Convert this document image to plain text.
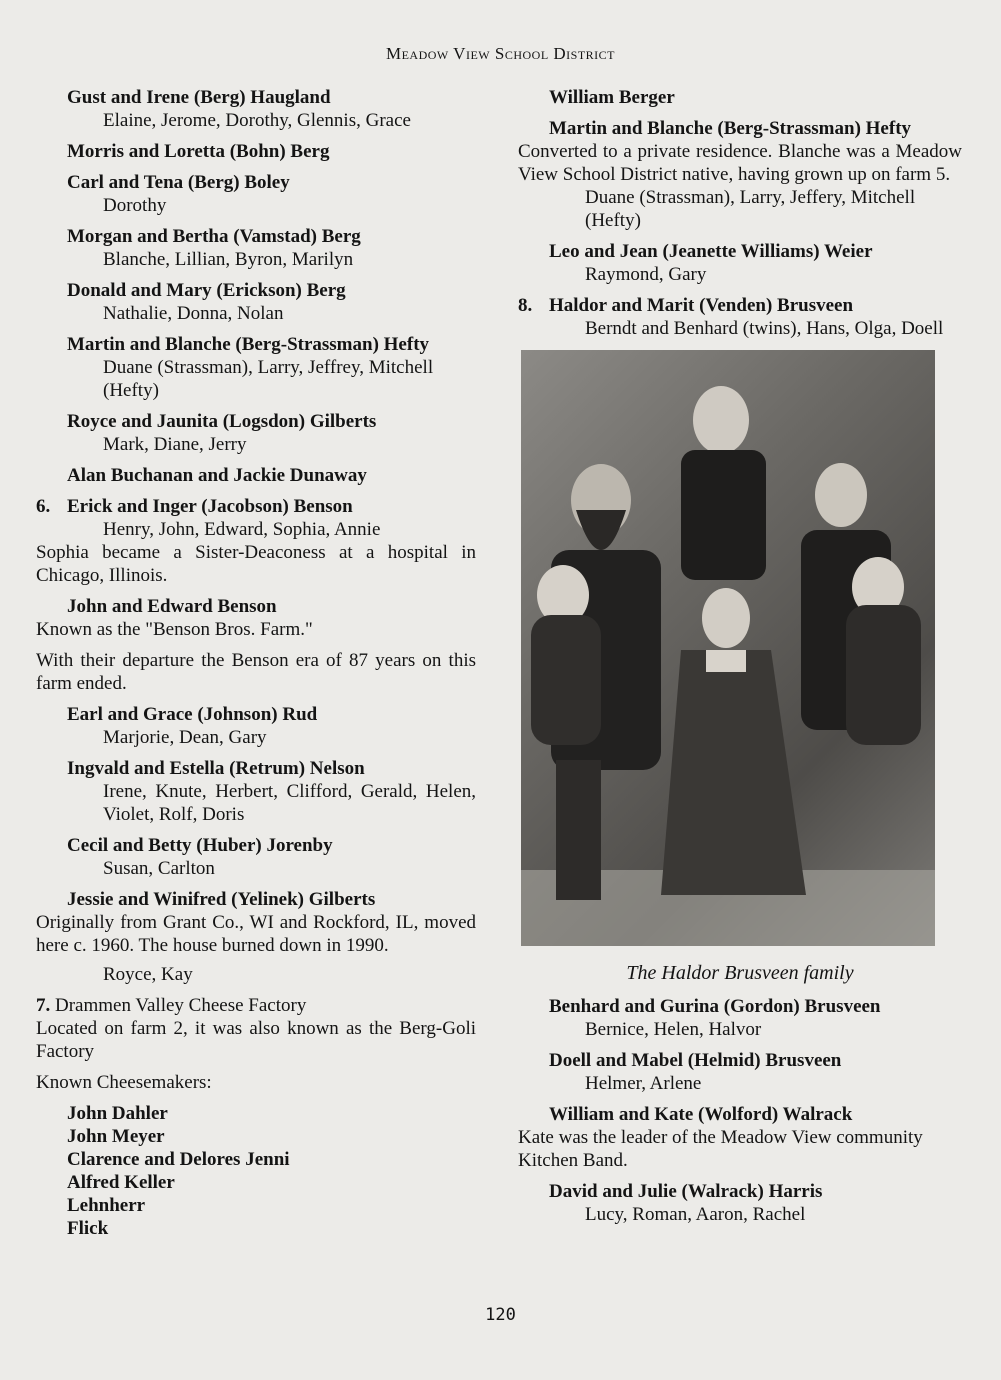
Meadow View School District
Gust and Irene (Berg) Haugland
Elaine, Jerome, Dorothy, Glennis, Grace
Morris and Loretta (Bohn) Berg
Carl and Tena (Berg) Boley
Dorothy
Morgan and Bertha (Vamstad) Berg
Blanche, Lillian, Byron, Marilyn
Donald and Mary (Erickson) Berg
Nathalie, Donna, Nolan
Martin and Blanche (Berg-Strassman) Hefty
Duane (Strassman), Larry, Jeffrey, Mitchell (Hefty)
Royce and Jaunita (Logsdon) Gilberts
Mark, Diane, Jerry
Alan Buchanan and Jackie Dunaway
6. Erick and Inger (Jacobson) Benson
Henry, John, Edward, Sophia, Annie
Sophia became a Sister-Deaconess at a hospital in Chicago, Illinois.
John and Edward Benson
Known as the "Benson Bros. Farm."
With their departure the Benson era of 87 years on this farm ended.
Earl and Grace (Johnson) Rud
Marjorie, Dean, Gary
Ingvald and Estella (Retrum) Nelson
Irene, Knute, Herbert, Clifford, Gerald, Helen, Violet, Rolf, Doris
Cecil and Betty (Huber) Jorenby
Susan, Carlton
Jessie and Winifred (Yelinek) Gilberts
Originally from Grant Co., WI and Rockford, IL, moved here c. 1960. The house burned down in 1990.
Royce, Kay
7. Drammen Valley Cheese Factory
Located on farm 2, it was also known as the Berg-Goli Factory
Known Cheesemakers:
John Dahler
John Meyer
Clarence and Delores Jenni
Alfred Keller
Lehnherr
Flick
William Berger
Martin and Blanche (Berg-Strassman) Hefty
Converted to a private residence. Blanche was a Meadow View School District native, having grown up on farm 5.
Duane (Strassman), Larry, Jeffery, Mitchell (Hefty)
Leo and Jean (Jeanette Williams) Weier
Raymond, Gary
8. Haldor and Marit (Venden) Brusveen
Berndt and Benhard (twins), Hans, Olga, Doell
The Haldor Brusveen family
Benhard and Gurina (Gordon) Brusveen
Bernice, Helen, Halvor
Doell and Mabel (Helmid) Brusveen
Helmer, Arlene
William and Kate (Wolford) Walrack
Kate was the leader of the Meadow View community Kitchen Band.
David and Julie (Walrack) Harris
Lucy, Roman, Aaron, Rachel
120
